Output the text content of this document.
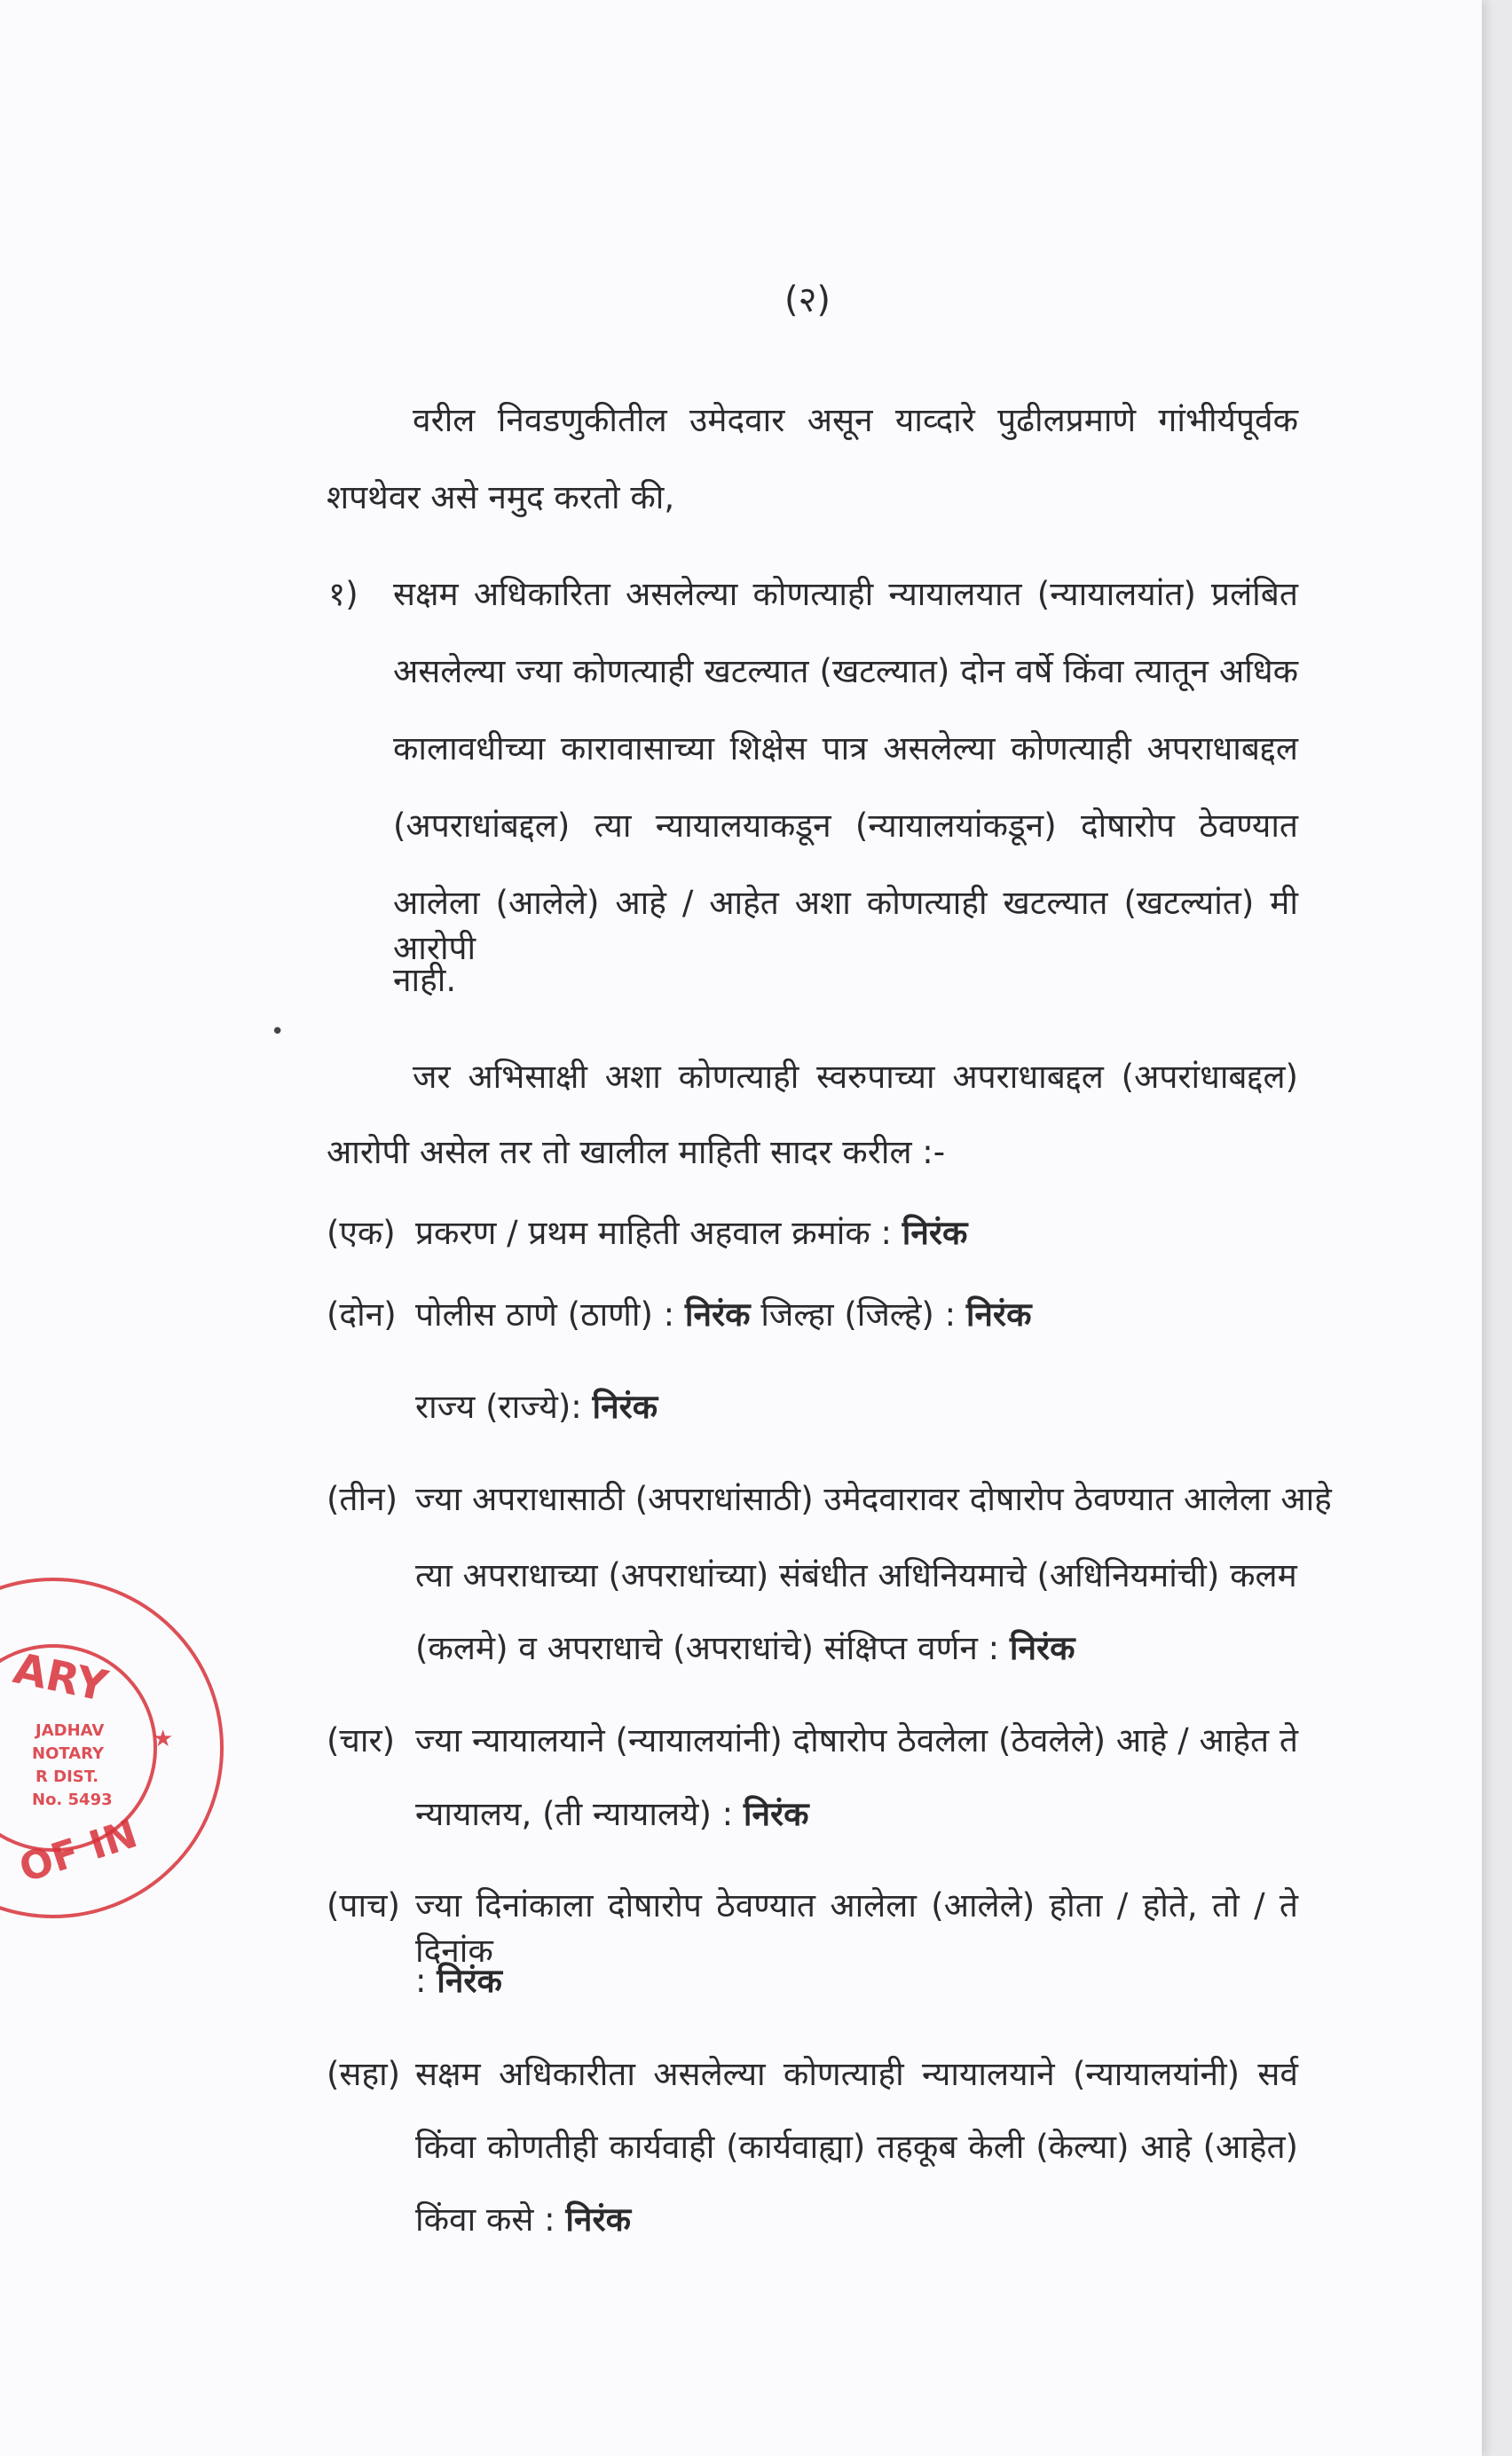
(२)
वरील निवडणुकीतील उमेदवार असून याव्दारे पुढीलप्रमाणे गांभीर्यपूर्वक
शपथेवर असे नमुद करतो की,
१) सक्षम अधिकारिता असलेल्या कोणत्याही न्यायालयात (न्यायालयांत) प्रलंबित
असलेल्या ज्या कोणत्याही खटल्यात (खटल्यात) दोन वर्षे किंवा त्यातून अधिक
कालावधीच्या कारावासाच्या शिक्षेस पात्र असलेल्या कोणत्याही अपराधाबद्दल
(अपराधांबद्दल) त्या न्यायालयाकडून (न्यायालयांकडून) दोषारोप ठेवण्यात
आलेला (आलेले) आहे / आहेत अशा कोणत्याही खटल्यात (खटल्यांत) मी आरोपी
नाही.
•
जर अभिसाक्षी अशा कोणत्याही स्वरुपाच्या अपराधाबद्दल (अपरांधाबद्दल)
आरोपी असेल तर तो खालील माहिती सादर करील :-
(एक) प्रकरण / प्रथम माहिती अहवाल क्रमांक : निरंक
(दोन) पोलीस ठाणे (ठाणी) : निरंक जिल्हा (जिल्हे) : निरंक
राज्य (राज्ये): निरंक
(तीन) ज्या अपराधासाठी (अपराधांसाठी) उमेदवारावर दोषारोप ठेवण्यात आलेला आहे
त्या अपराधाच्या (अपराधांच्या) संबंधीत अधिनियमाचे (अधिनियमांची) कलम
(कलमे) व अपराधाचे (अपराधांचे) संक्षिप्त वर्णन : निरंक
(चार) ज्या न्यायालयाने (न्यायालयांनी) दोषारोप ठेवलेला (ठेवलेले) आहे / आहेत ते
न्यायालय, (ती न्यायालये) : निरंक
(पाच) ज्या दिनांकाला दोषारोप ठेवण्यात आलेला (आलेले) होता / होते, तो / ते दिनांक
: निरंक
(सहा) सक्षम अधिकारीता असलेल्या कोणत्याही न्यायालयाने (न्यायालयांनी) सर्व
किंवा कोणतीही कार्यवाही (कार्यवाह्या) तहकूब केली (केल्या) आहे (आहेत)
किंवा कसे : निरंक
ARY
JADHAV
NOTARY
R DIST.
No. 5493
OF IN
★
